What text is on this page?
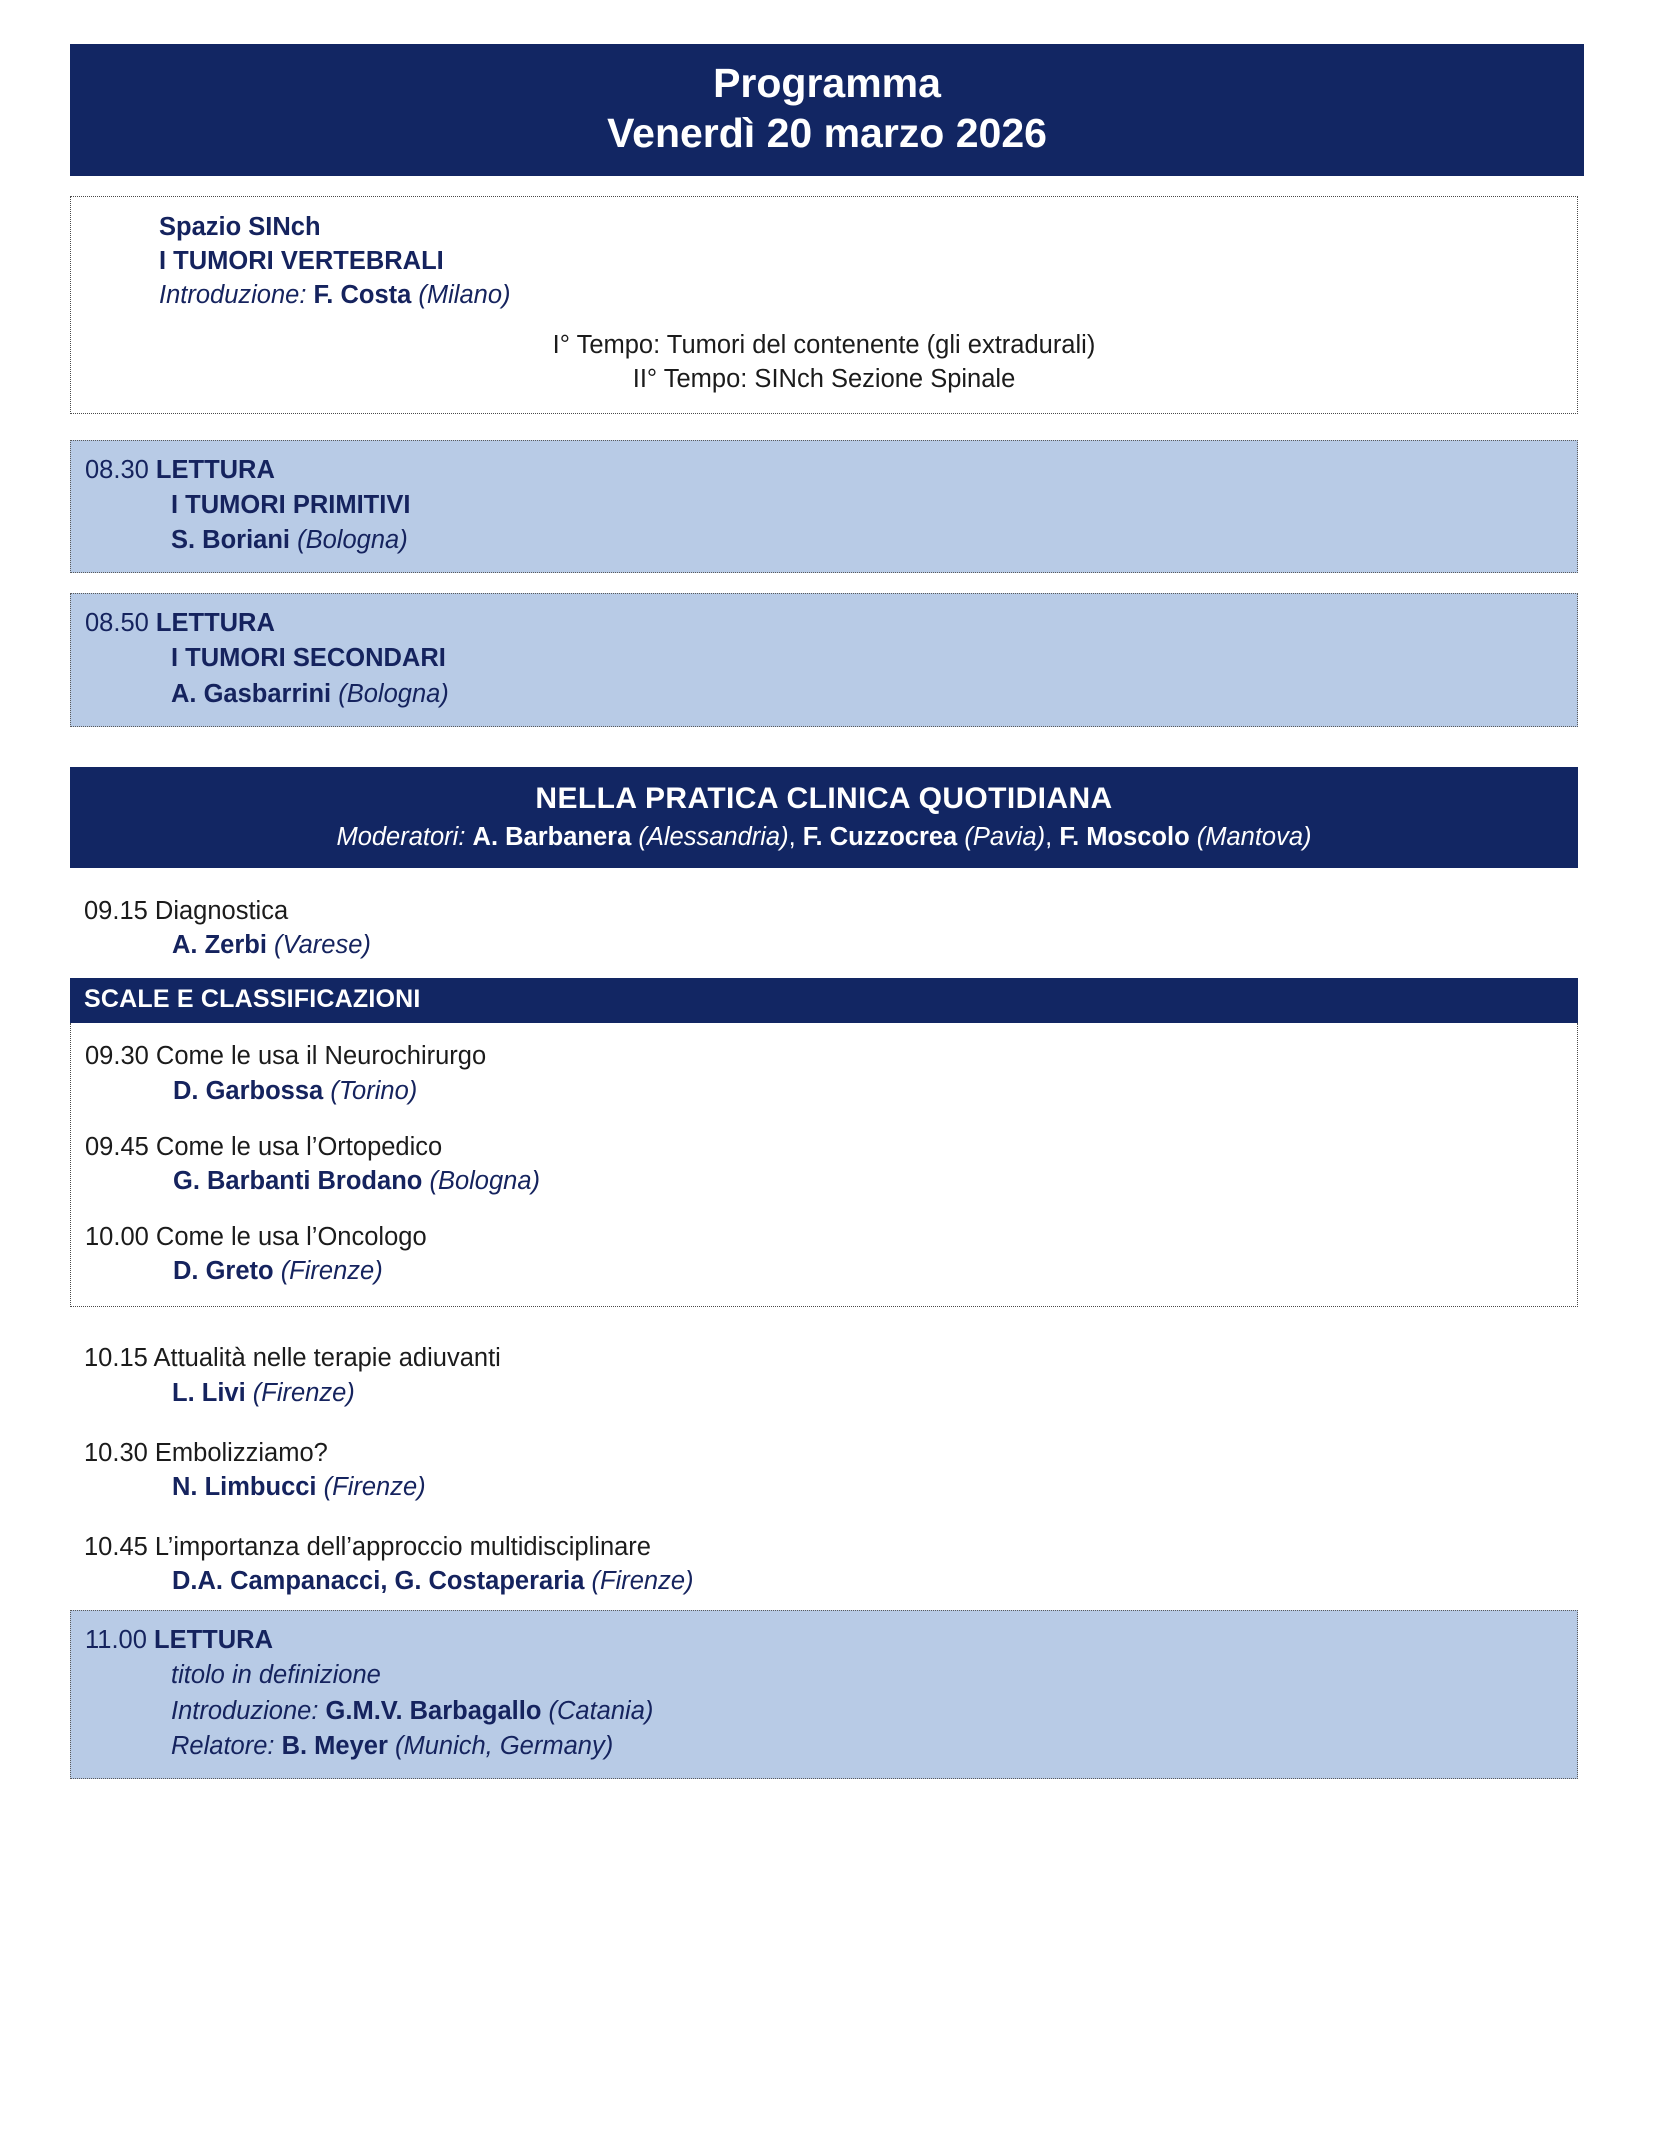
Programma
Venerdì 20 marzo 2026
Spazio SINch
I TUMORI VERTEBRALI
Introduzione: F. Costa (Milano)
I° Tempo: Tumori del contenente (gli extradurali)
II° Tempo: SINch Sezione Spinale
08.30 LETTURA
I TUMORI PRIMITIVI
S. Boriani (Bologna)
08.50 LETTURA
I TUMORI SECONDARI
A. Gasbarrini (Bologna)
NELLA PRATICA CLINICA QUOTIDIANA
Moderatori: A. Barbanera (Alessandria), F. Cuzzocrea (Pavia), F. Moscolo (Mantova)
09.15 Diagnostica
A. Zerbi (Varese)
SCALE E CLASSIFICAZIONI
09.30 Come le usa il Neurochirurgo
D. Garbossa (Torino)
09.45 Come le usa l’Ortopedico
G. Barbanti Brodano (Bologna)
10.00 Come le usa l’Oncologo
D. Greto (Firenze)
10.15 Attualità nelle terapie adiuvanti
L. Livi (Firenze)
10.30 Embolizziamo?
N. Limbucci (Firenze)
10.45 L’importanza dell’approccio multidisciplinare
D.A. Campanacci, G. Costaperaria (Firenze)
11.00 LETTURA
titolo in definizione
Introduzione: G.M.V. Barbagallo (Catania)
Relatore: B. Meyer (Munich, Germany)
